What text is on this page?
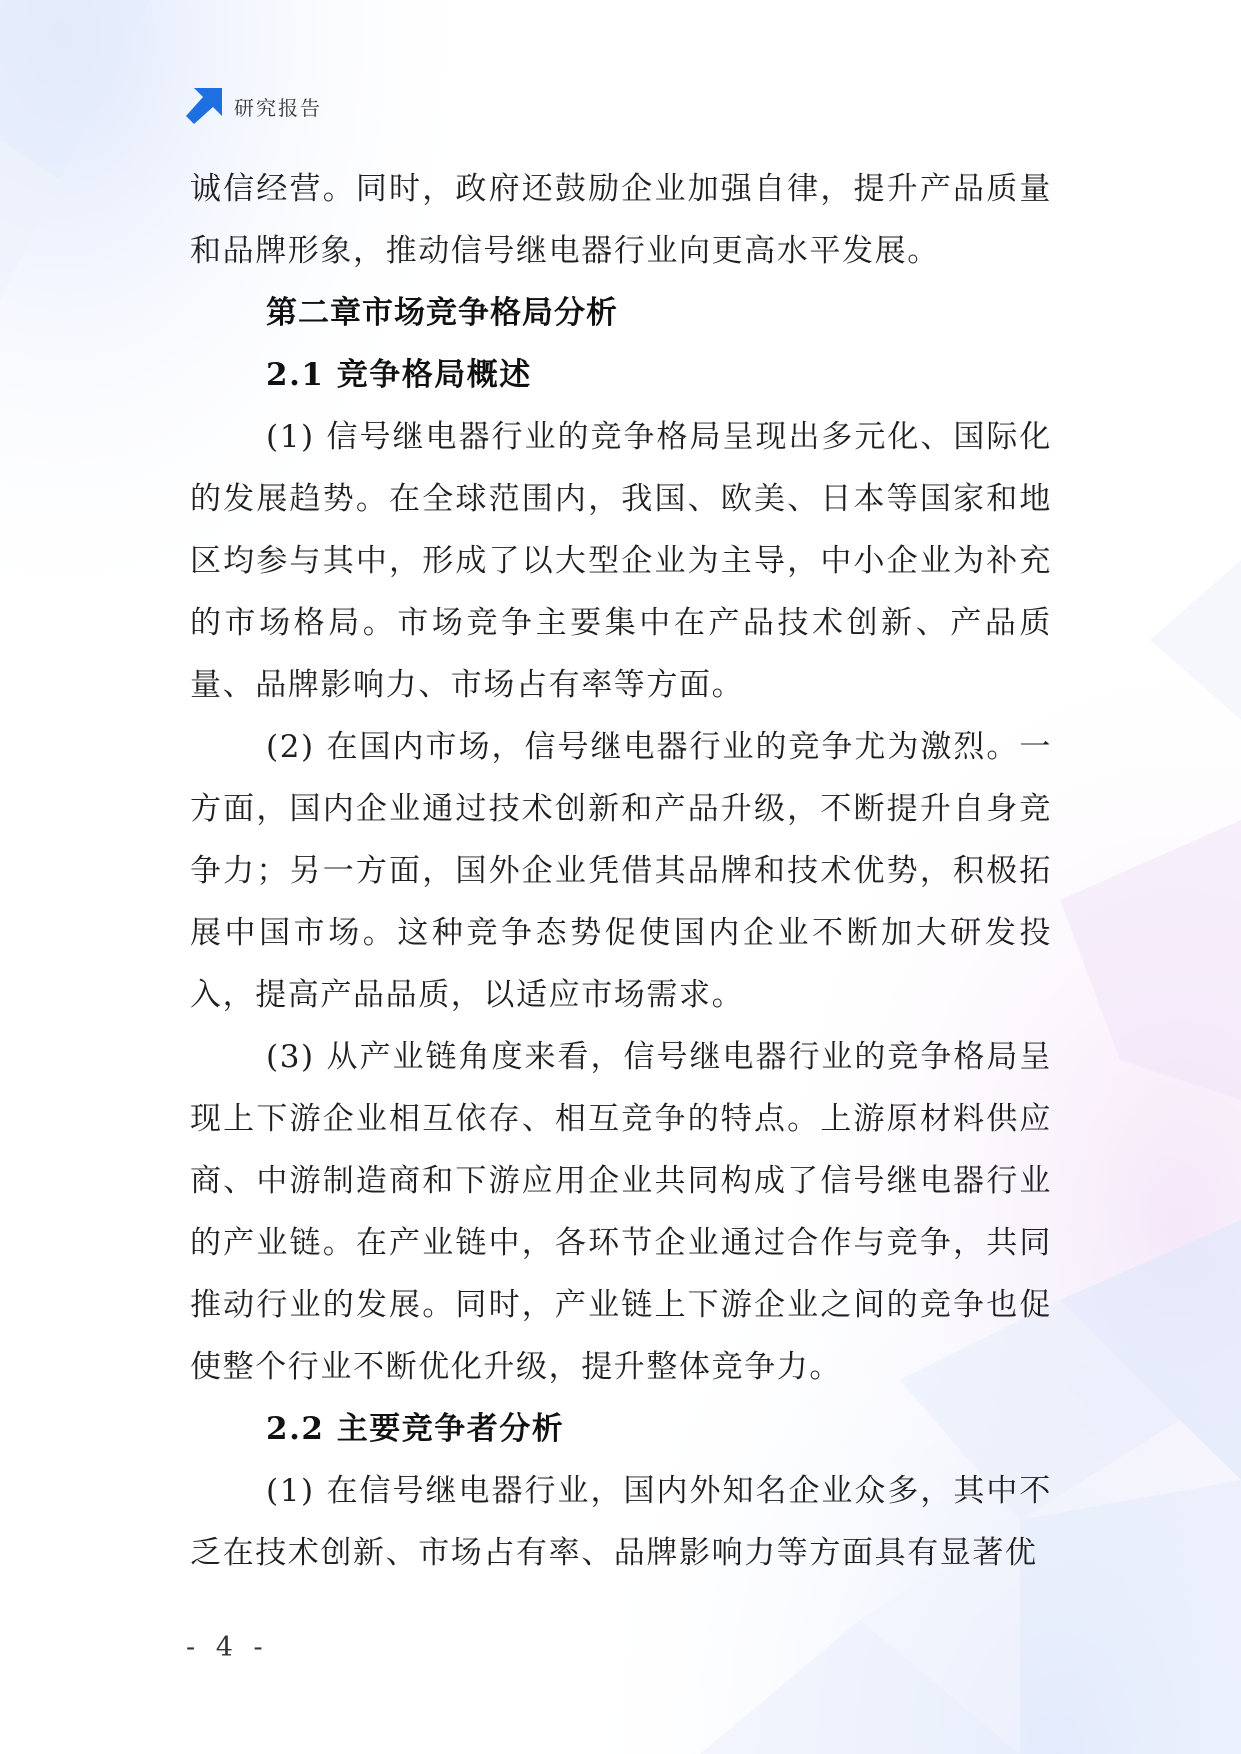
研究报告

诚信经营。同时，政府还鼓励企业加强自律，提升产品质量和品牌形象，推动信号继电器行业向更高水平发展。

第二章市场竞争格局分析
2.1 竞争格局概述

(1) 信号继电器行业的竞争格局呈现出多元化、国际化的发展趋势。在全球范围内，我国、欧美、日本等国家和地区均参与其中，形成了以大型企业为主导，中小企业为补充的市场格局。市场竞争主要集中在产品技术创新、产品质量、品牌影响力、市场占有率等方面。

(2) 在国内市场，信号继电器行业的竞争尤为激烈。一方面，国内企业通过技术创新和产品升级，不断提升自身竞争力；另一方面，国外企业凭借其品牌和技术优势，积极拓展中国市场。这种竞争态势促使国内企业不断加大研发投入，提高产品品质，以适应市场需求。

(3) 从产业链角度来看，信号继电器行业的竞争格局呈现上下游企业相互依存、相互竞争的特点。上游原材料供应商、中游制造商和下游应用企业共同构成了信号继电器行业的产业链。在产业链中，各环节企业通过合作与竞争，共同推动行业的发展。同时，产业链上下游企业之间的竞争也促使整个行业不断优化升级，提升整体竞争力。

2.2 主要竞争者分析

(1) 在信号继电器行业，国内外知名企业众多，其中不乏在技术创新、市场占有率、品牌影响力等方面具有显著优

- 4 -
